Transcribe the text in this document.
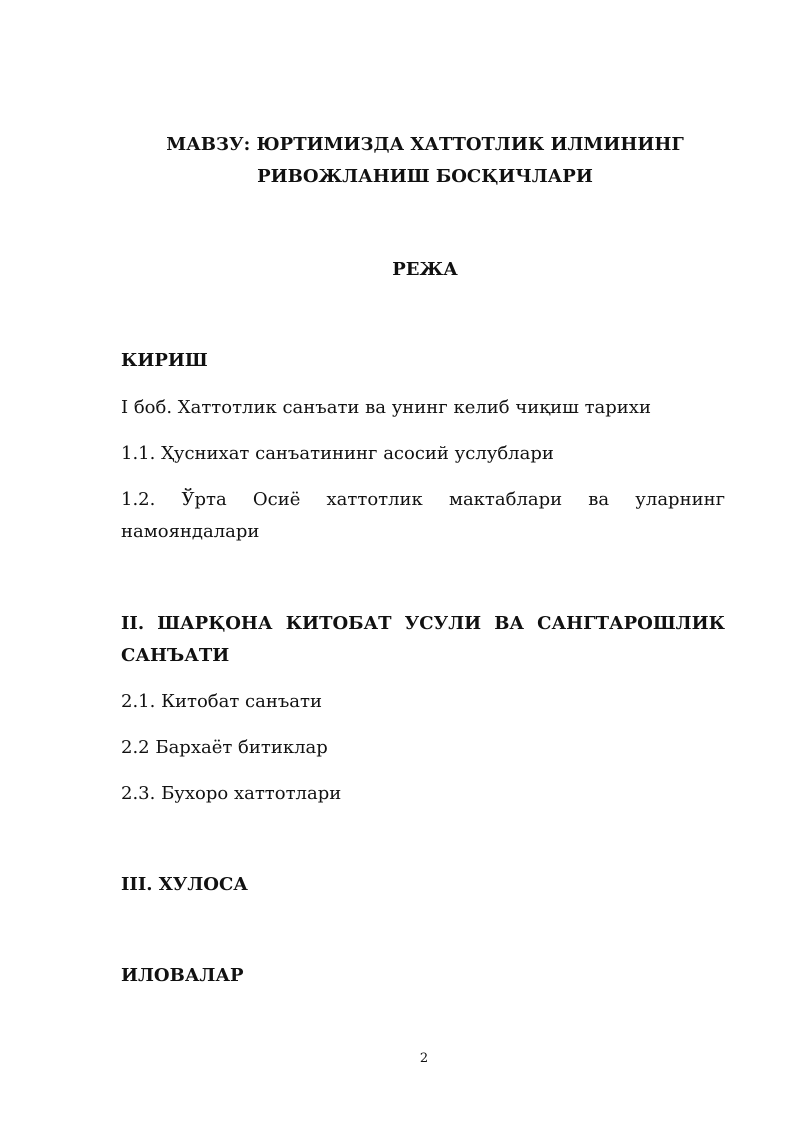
МАВЗУ: ЮРТИМИЗДА ХАТТОТЛИК ИЛМИНИНГ
РИВОЖЛАНИШ БОСҚИЧЛАРИ
РЕЖА
КИРИШ
I боб. Хаттотлик санъати ва унинг келиб чиқиш тарихи
1.1. Ҳуснихат санъатининг асосий услублари
1.2. Ўрта Осиё хаттотлик мактаблари ва уларнинг
намояндалари
II. ШАРҚОНА КИТОБАТ УСУЛИ ВА САНГТАРОШЛИК
САНЪАТИ
2.1. Китобат санъати
2.2 Бархаёт битиклар
2.3. Бухоро хаттотлари
III. ХУЛОСА
ИЛОВАЛАР
2
